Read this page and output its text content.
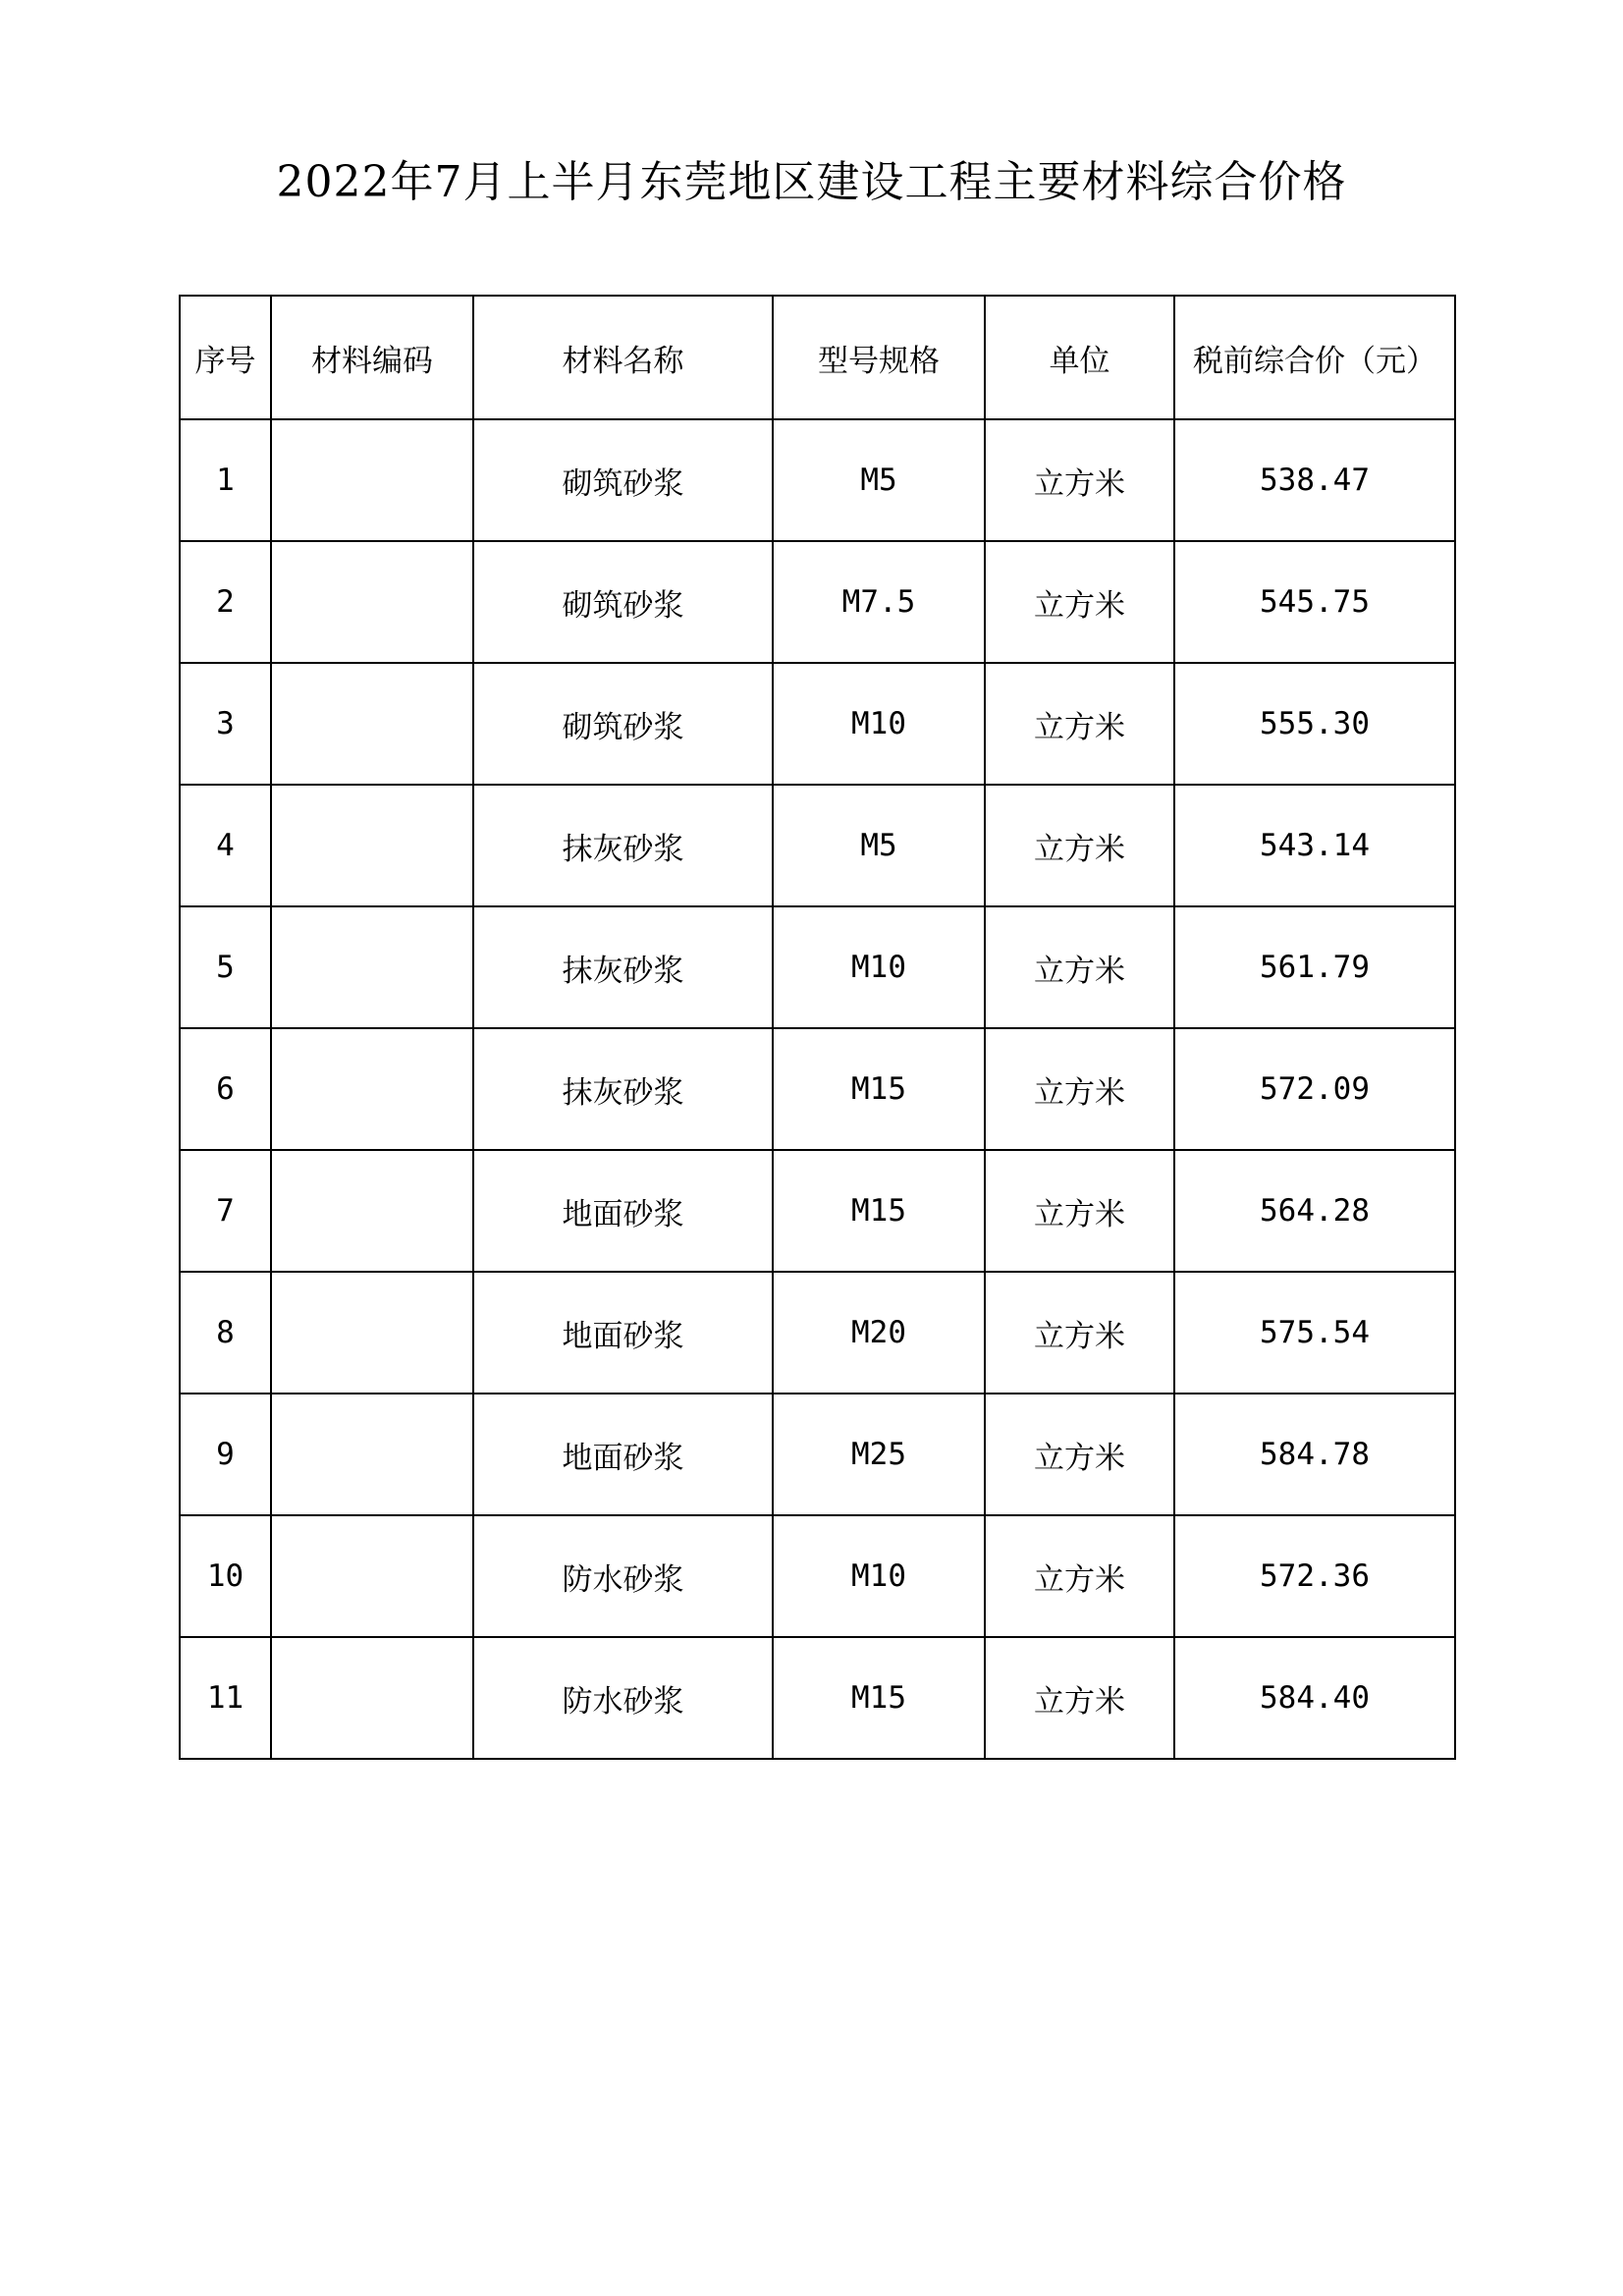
2022年7月上半月东莞地区建设工程主要材料综合价格
序号	材料编码	材料名称	型号规格	单位	税前综合价（元）
1		砌筑砂浆	M5	立方米	538.47
2		砌筑砂浆	M7.5	立方米	545.75
3		砌筑砂浆	M10	立方米	555.30
4		抹灰砂浆	M5	立方米	543.14
5		抹灰砂浆	M10	立方米	561.79
6		抹灰砂浆	M15	立方米	572.09
7		地面砂浆	M15	立方米	564.28
8		地面砂浆	M20	立方米	575.54
9		地面砂浆	M25	立方米	584.78
10		防水砂浆	M10	立方米	572.36
11		防水砂浆	M15	立方米	584.40
